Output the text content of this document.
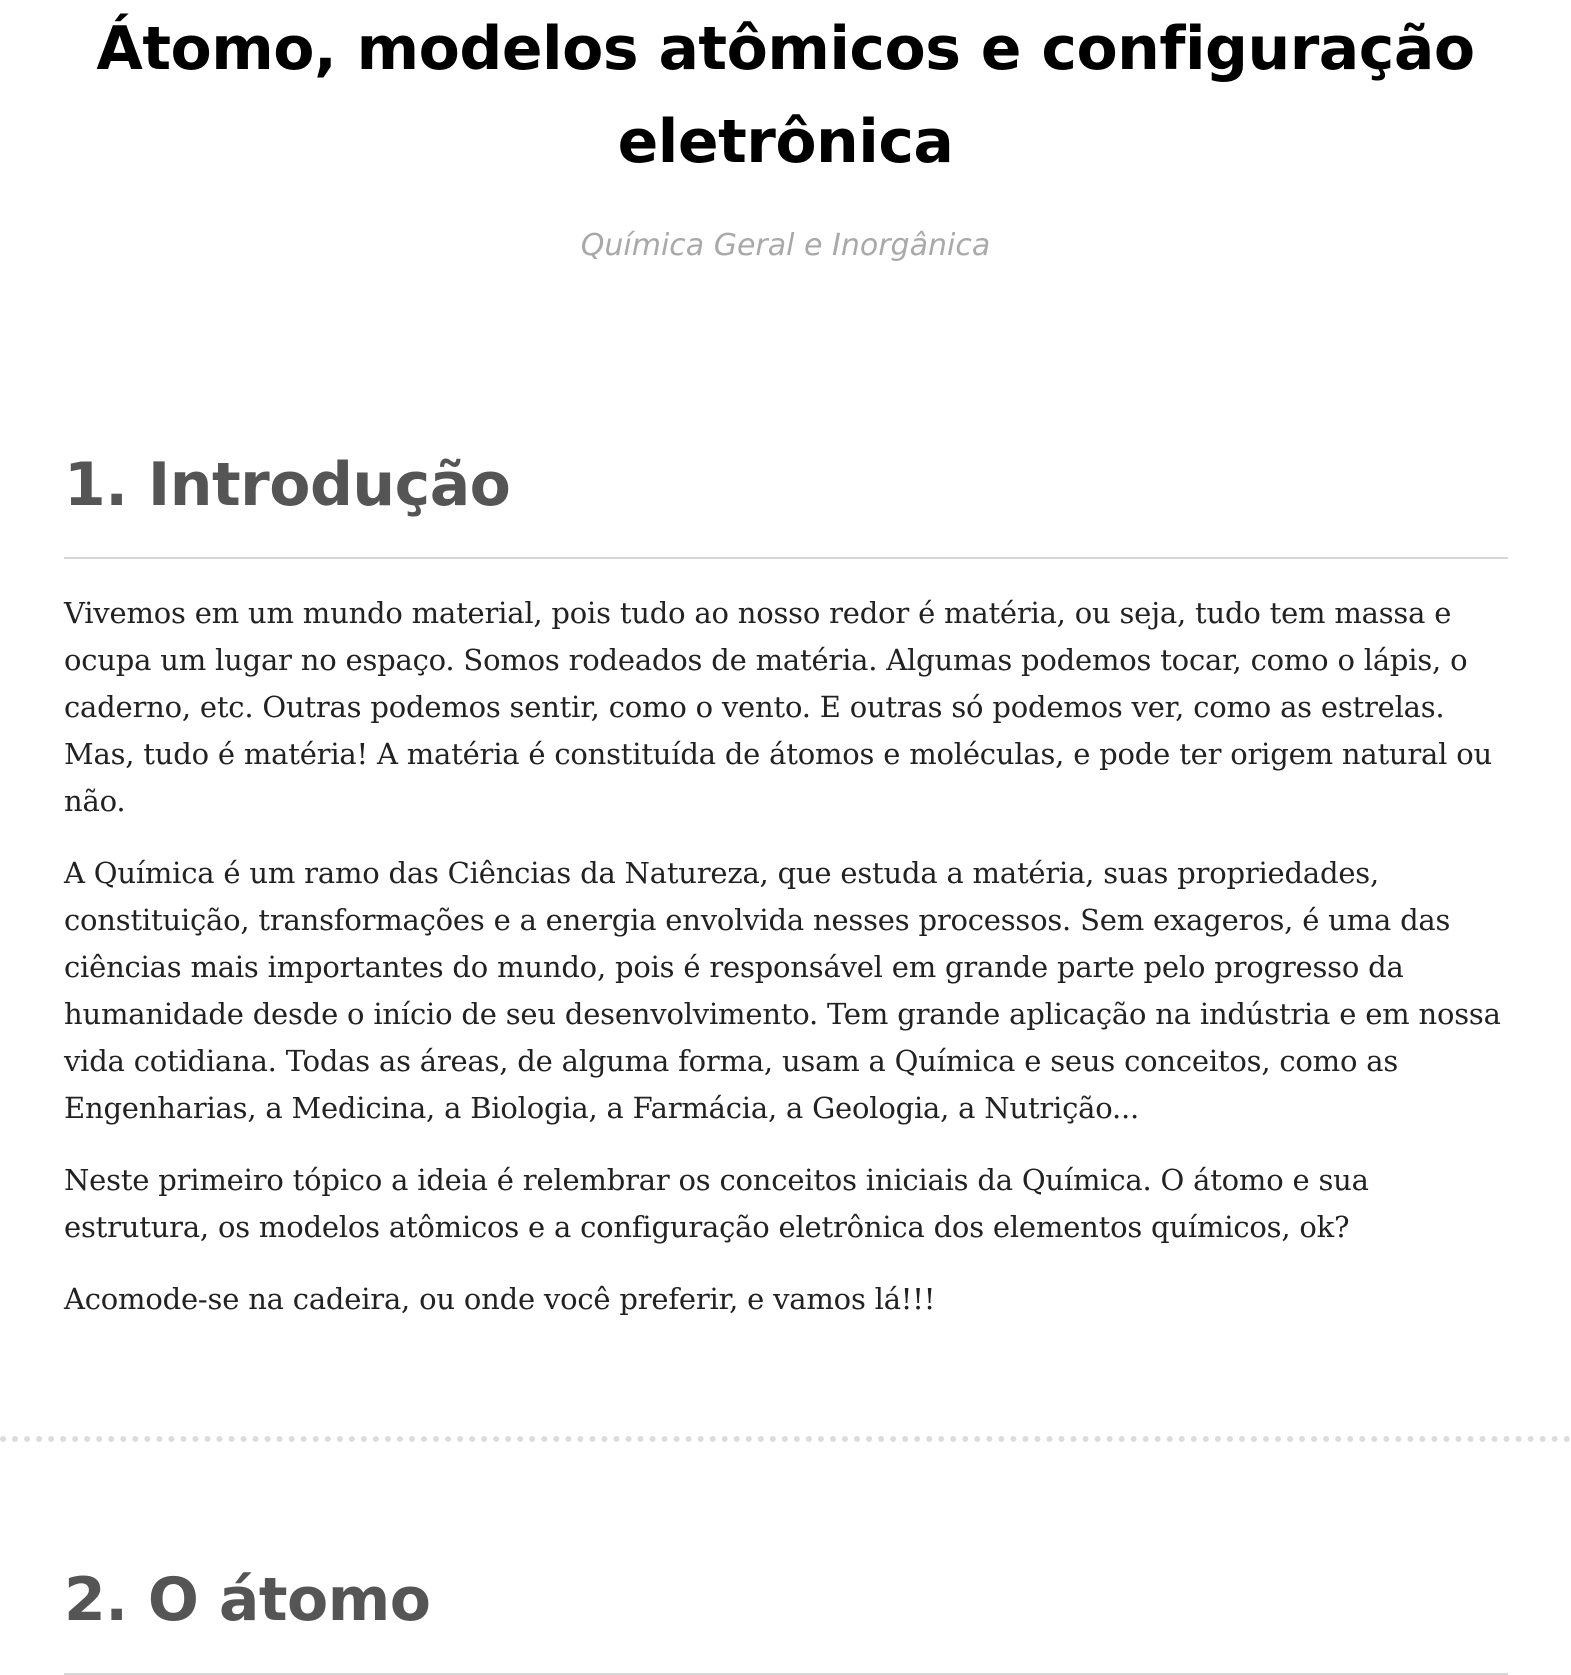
Átomo, modelos atômicos e configuração eletrônica
Química Geral e Inorgânica
1. Introdução

Vivemos em um mundo material, pois tudo ao nosso redor é matéria, ou seja, tudo tem massa e ocupa um lugar no espaço. Somos rodeados de matéria. Algumas podemos tocar, como o lápis, o caderno, etc. Outras podemos sentir, como o vento. E outras só podemos ver, como as estrelas. Mas, tudo é matéria! A matéria é constituída de átomos e moléculas, e pode ter origem natural ou não.

A Química é um ramo das Ciências da Natureza, que estuda a matéria, suas propriedades, constituição, transformações e a energia envolvida nesses processos. Sem exageros, é uma das ciências mais importantes do mundo, pois é responsável em grande parte pelo progresso da humanidade desde o início de seu desenvolvimento. Tem grande aplicação na indústria e em nossa vida cotidiana. Todas as áreas, de alguma forma, usam a Química e seus conceitos, como as Engenharias, a Medicina, a Biologia, a Farmácia, a Geologia, a Nutrição...

Neste primeiro tópico a ideia é relembrar os conceitos iniciais da Química. O átomo e sua estrutura, os modelos atômicos e a configuração eletrônica dos elementos químicos, ok?

Acomode-se na cadeira, ou onde você preferir, e vamos lá!!!

2. O átomo
